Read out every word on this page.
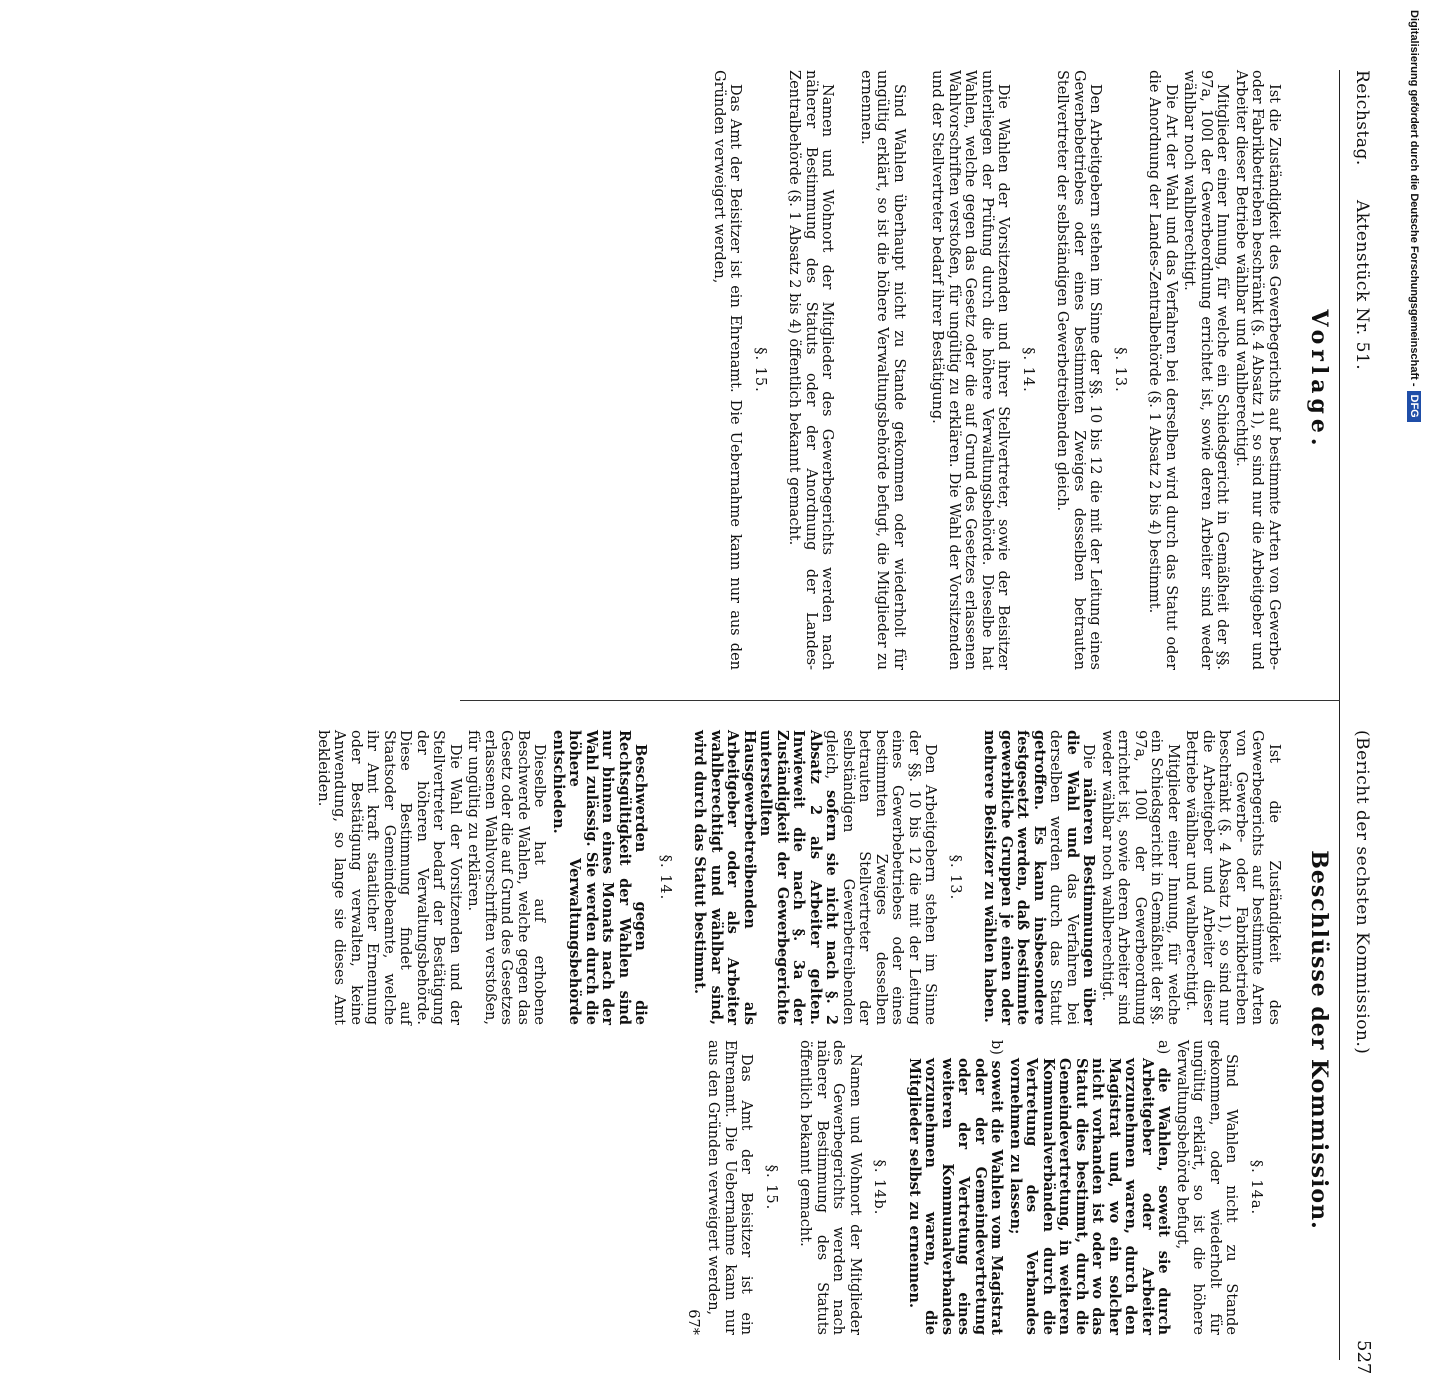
Reichstag.
Aktenstück Nr. 51.
(Bericht der sechsten Kommission.)
527
Vorlage.
Beschlüsse der Kommission.

Ist die Zuständigkeit des Gewerbegerichts auf bestimmte Arten von Gewerbe- oder Fabrikbetrieben beschränkt (§. 4 Absatz 1), so sind nur die Arbeitgeber und Arbeiter dieser Betriebe wählbar und wahlberechtigt.

Mitglieder einer Innung, für welche ein Schiedsgericht in Gemäßheit der §§. 97a, 100l der Gewerbeordnung errichtet ist, sowie deren Arbeiter sind weder wählbar noch wahlberechtigt.

Die Art der Wahl und das Verfahren bei derselben wird durch das Statut oder die Anordnung der Landes-Zentralbehörde (§. 1 Absatz 2 bis 4) bestimmt.

§. 13.

Den Arbeitgebern stehen im Sinne der §§. 10 bis 12 die mit der Leitung eines Gewerbebetriebes oder eines bestimmten Zweiges desselben betrauten Stellvertreter der selbständigen Gewerbetreibenden gleich.

§. 14.

Die Wahlen der Vorsitzenden und ihrer Stellvertreter, sowie der Beisitzer unterliegen der Prüfung durch die höhere Verwaltungsbehörde. Dieselbe hat Wahlen, welche gegen das Gesetz oder die auf Grund des Gesetzes erlassenen Wahlvorschriften verstoßen, für ungültig zu erklären. Die Wahl der Vorsitzenden und der Stellvertreter bedarf ihrer Bestätigung.

Sind Wahlen überhaupt nicht zu Stande gekommen oder wiederholt für ungültig erklärt, so ist die höhere Verwaltungsbehörde befugt, die Mitglieder zu ernennen.

Namen und Wohnort der Mitglieder des Gewerbegerichts werden nach näherer Bestimmung des Statuts oder der Anordnung der Landes-Zentralbehörde (§. 1 Absatz 2 bis 4) öffentlich bekannt gemacht.

§. 15.

Das Amt der Beisitzer ist ein Ehrenamt. Die Uebernahme kann nur aus den Gründen verweigert werden,

Ist die Zuständigkeit des Gewerbegerichts auf bestimmte Arten von Gewerbe- oder Fabrikbetrieben beschränkt (§. 4 Absatz 1), so sind nur die Arbeitgeber und Arbeiter dieser Betriebe wählbar und wahlberechtigt.

Mitglieder einer Innung, für welche ein Schiedsgericht in Gemäßheit der §§. 97a, 100l der Gewerbeordnung errichtet ist, sowie deren Arbeiter sind weder wählbar noch wahlberechtigt.

Die näheren Bestimmungen über die Wahl und das Verfahren bei derselben werden durch das Statut getroffen. Es kann insbesondere festgesetzt werden, daß bestimmte gewerbliche Gruppen je einen oder mehrere Beisitzer zu wählen haben.

§. 13.

Den Arbeitgebern stehen im Sinne der §§. 10 bis 12 die mit der Leitung eines Gewerbebetriebes oder eines bestimmten Zweiges desselben betrauten Stellvertreter der selbständigen Gewerbetreibenden gleich, sofern sie nicht nach §. 2 Absatz 2 als Arbeiter gelten. Inwieweit die nach §. 3a der Zuständigkeit der Gewerbegerichte unterstellten Hausgewerbetreibenden als Arbeitgeber oder als Arbeiter wahlberechtigt und wählbar sind, wird durch das Statut bestimmt.

§. 14.

Beschwerden gegen die Rechtsgültigkeit der Wahlen sind nur binnen eines Monats nach der Wahl zulässig. Sie werden durch die höhere Verwaltungsbehörde entschieden.

Dieselbe hat auf erhobene Beschwerde Wahlen, welche gegen das Gesetz oder die auf Grund des Gesetzes erlassenen Wahlvorschriften verstoßen, für ungültig zu erklären.

Die Wahl der Vorsitzenden und der Stellvertreter bedarf der Bestätigung der höheren Verwaltungsbehörde. Diese Bestimmung findet auf Staatsoder Gemeindebeamte, welche ihr Amt kraft staatlicher Ernennung oder Bestätigung verwalten, keine Anwendung, so lange sie dieses Amt bekleiden.

§. 14a.

Sind Wahlen nicht zu Stande gekommen, oder wiederholt für ungültig erklärt, so ist die höhere Verwaltungsbehörde befugt,

a) die Wahlen, soweit sie durch Arbeitgeber oder Arbeiter vorzunehmen waren, durch den Magistrat und, wo ein solcher nicht vorhanden ist oder wo das Statut dies bestimmt, durch die Gemeindevertretung, in weiteren Kommunalverbänden durch die Vertretung des Verbandes vornehmen zu lassen;

b) soweit die Wahlen vom Magistrat oder der Gemeindevertretung oder der Vertretung eines weiteren Kommunalverbandes vorzunehmen waren, die Mitglieder selbst zu ernennen.

§. 14b.

Namen und Wohnort der Mitglieder des Gewerbegerichts werden nach näherer Bestimmung des Statuts öffentlich bekannt gemacht.

§. 15.

Das Amt der Beisitzer ist ein Ehrenamt. Die Uebernahme kann nur aus den Gründen verweigert werden,

67*

Digitalisierung gefördert durch die Deutsche Forschungsgemeinschaft -DFG
